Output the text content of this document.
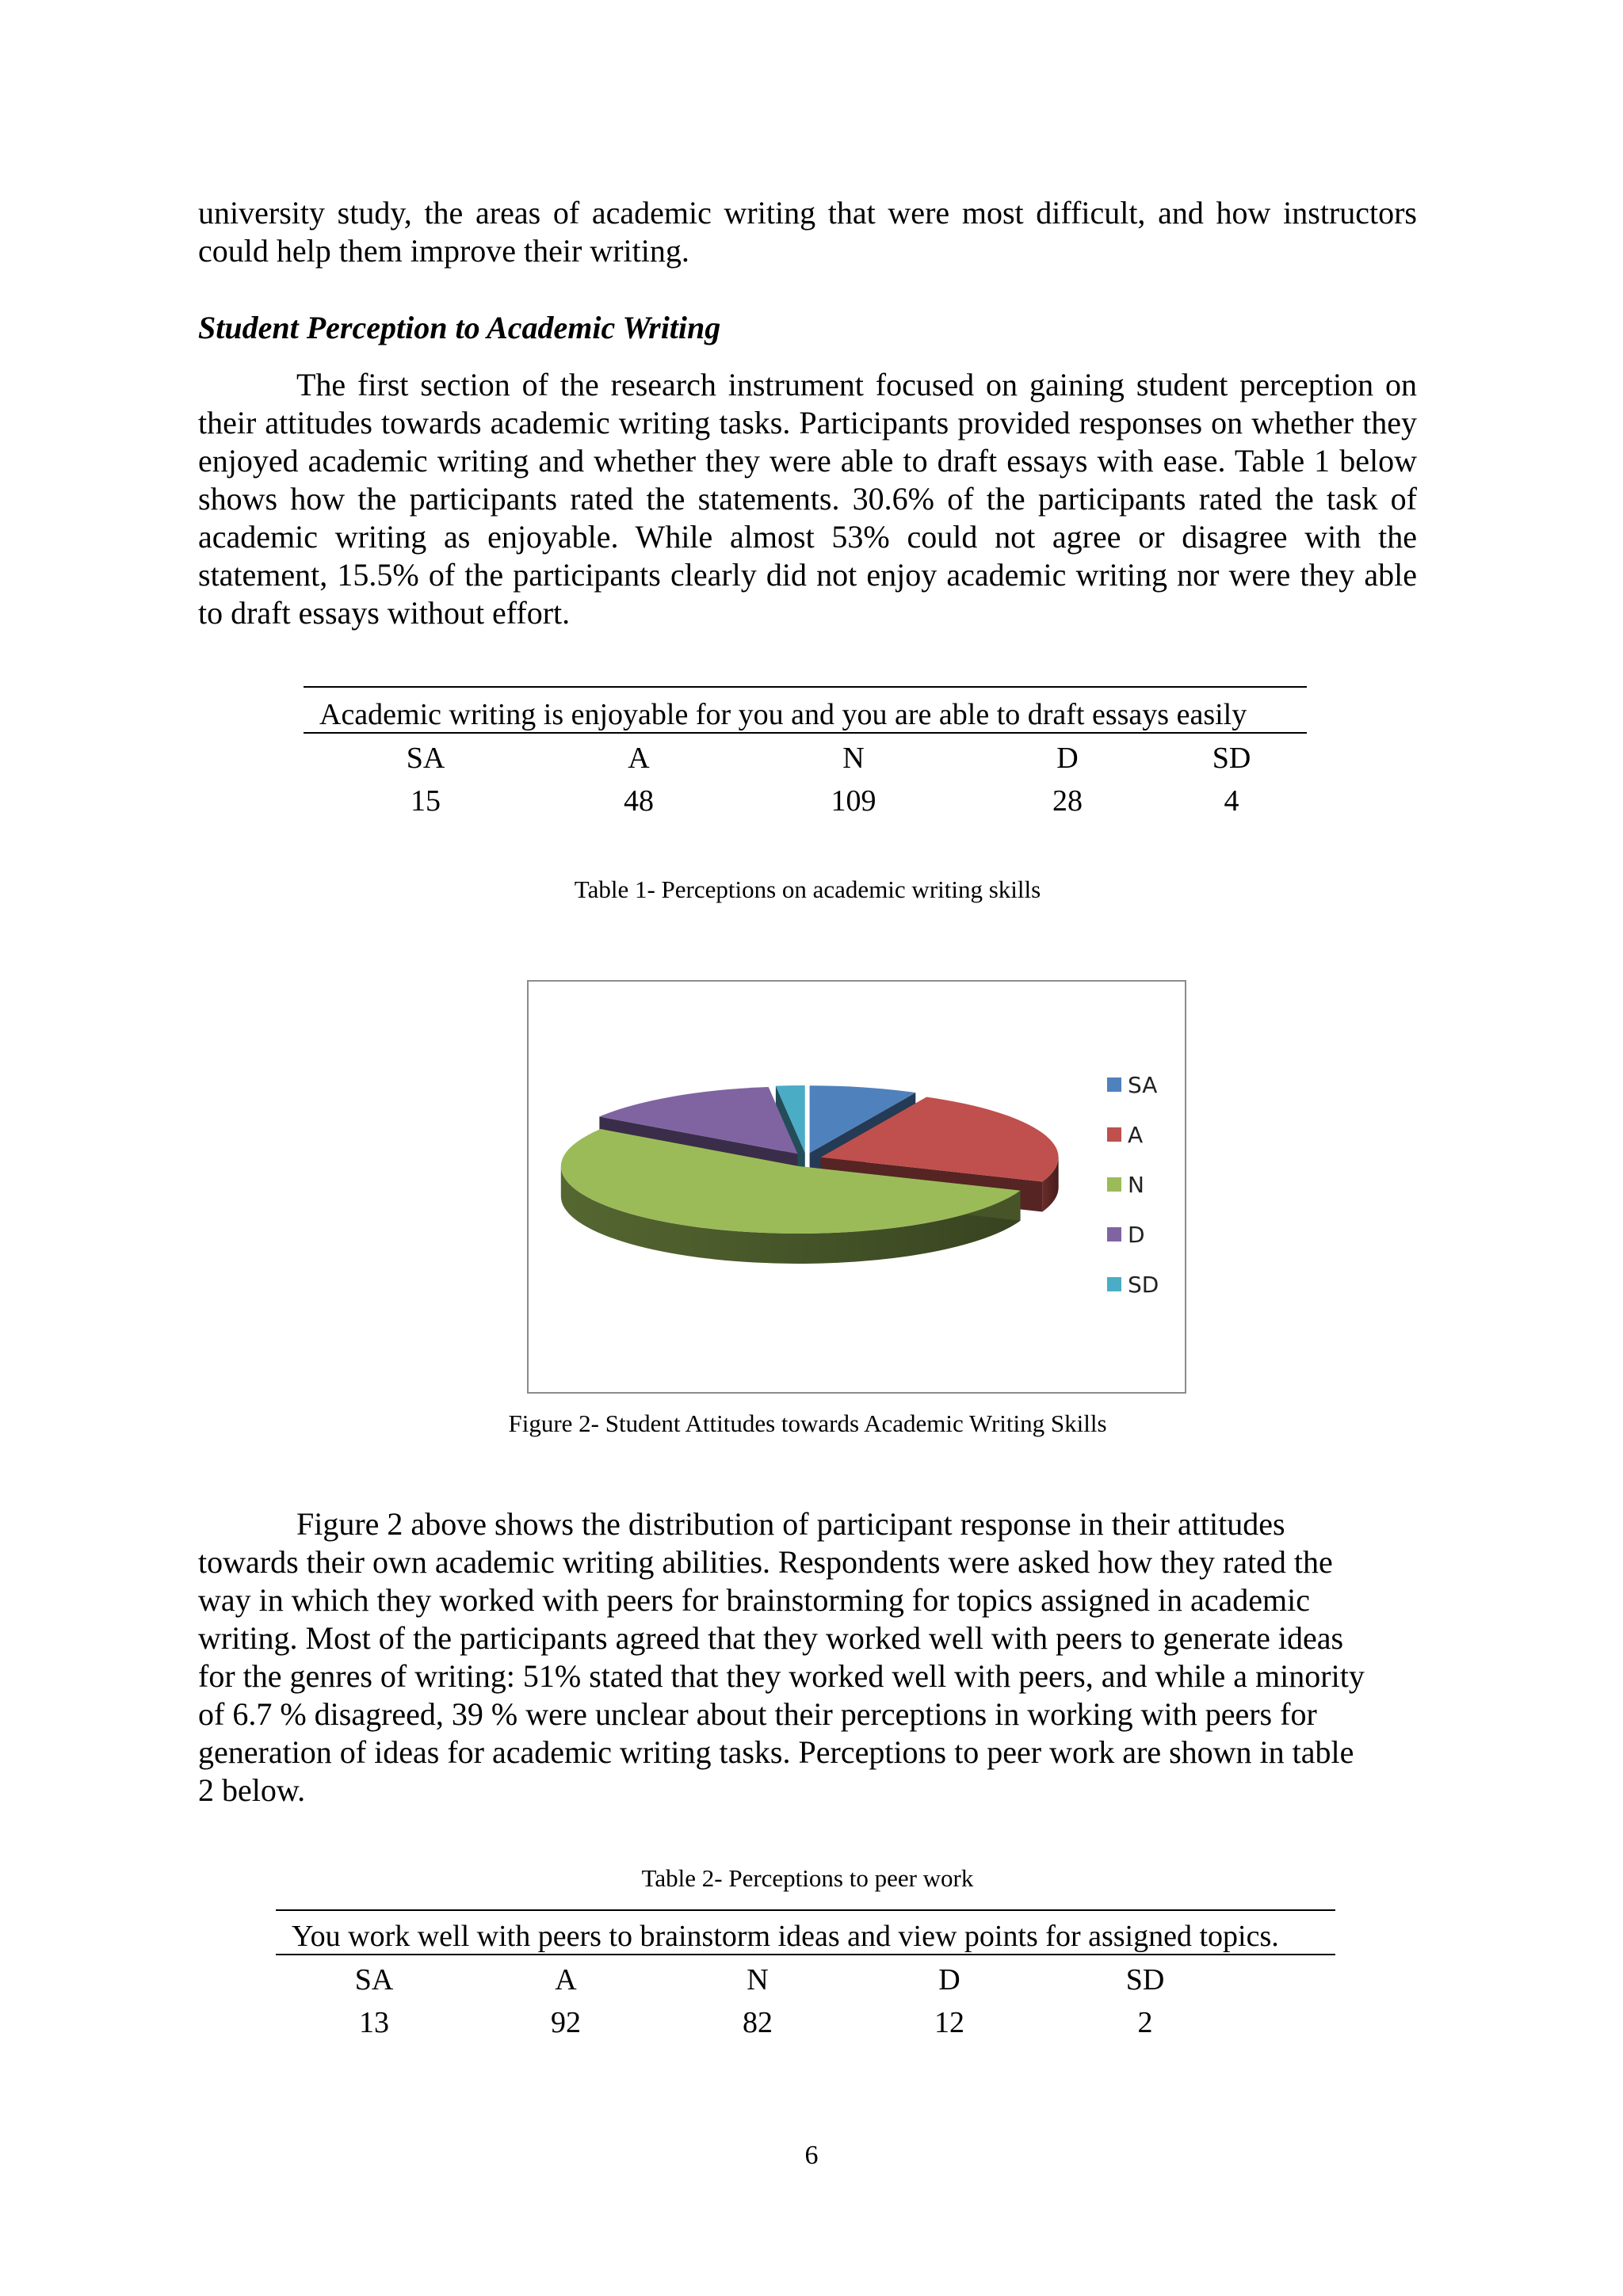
university study, the areas of academic writing that were most difficult, and how instructors
could help them improve their writing.
Student Perception to Academic Writing
The first section of the research instrument focused on gaining student perception on their attitudes towards academic writing tasks. Participants provided responses on whether they enjoyed academic writing and whether they were able to draft essays with ease. Table 1 below shows how the participants rated the statements. 30.6% of the participants rated the task of academic writing as enjoyable. While almost 53% could not agree or disagree with the statement, 15.5% of the participants clearly did not enjoy academic writing nor were they able to draft essays without effort.
Academic writing is enjoyable for you and you are able to draft essays easily
SA	A	N	D	SD
15	48	109	28	4
Table 1- Perceptions on academic writing skills
SA
A
N
D
SD
Figure 2- Student Attitudes towards Academic Writing Skills
Figure 2 above shows the distribution of participant response in their attitudes
towards their own academic writing abilities. Respondents were asked how they rated the
way in which they worked with peers for brainstorming for topics assigned in academic
writing. Most of the participants agreed that they worked well with peers to generate ideas
for the genres of writing: 51% stated that they worked well with peers, and while a minority
of 6.7 % disagreed, 39 % were unclear about their perceptions in working with peers for
generation of ideas for academic writing tasks. Perceptions to peer work are shown in table
2 below.
Table 2- Perceptions to peer work
You work well with peers to brainstorm ideas and view points for assigned topics.
SA	A	N	D	SD
13	92	82	12	2
6
